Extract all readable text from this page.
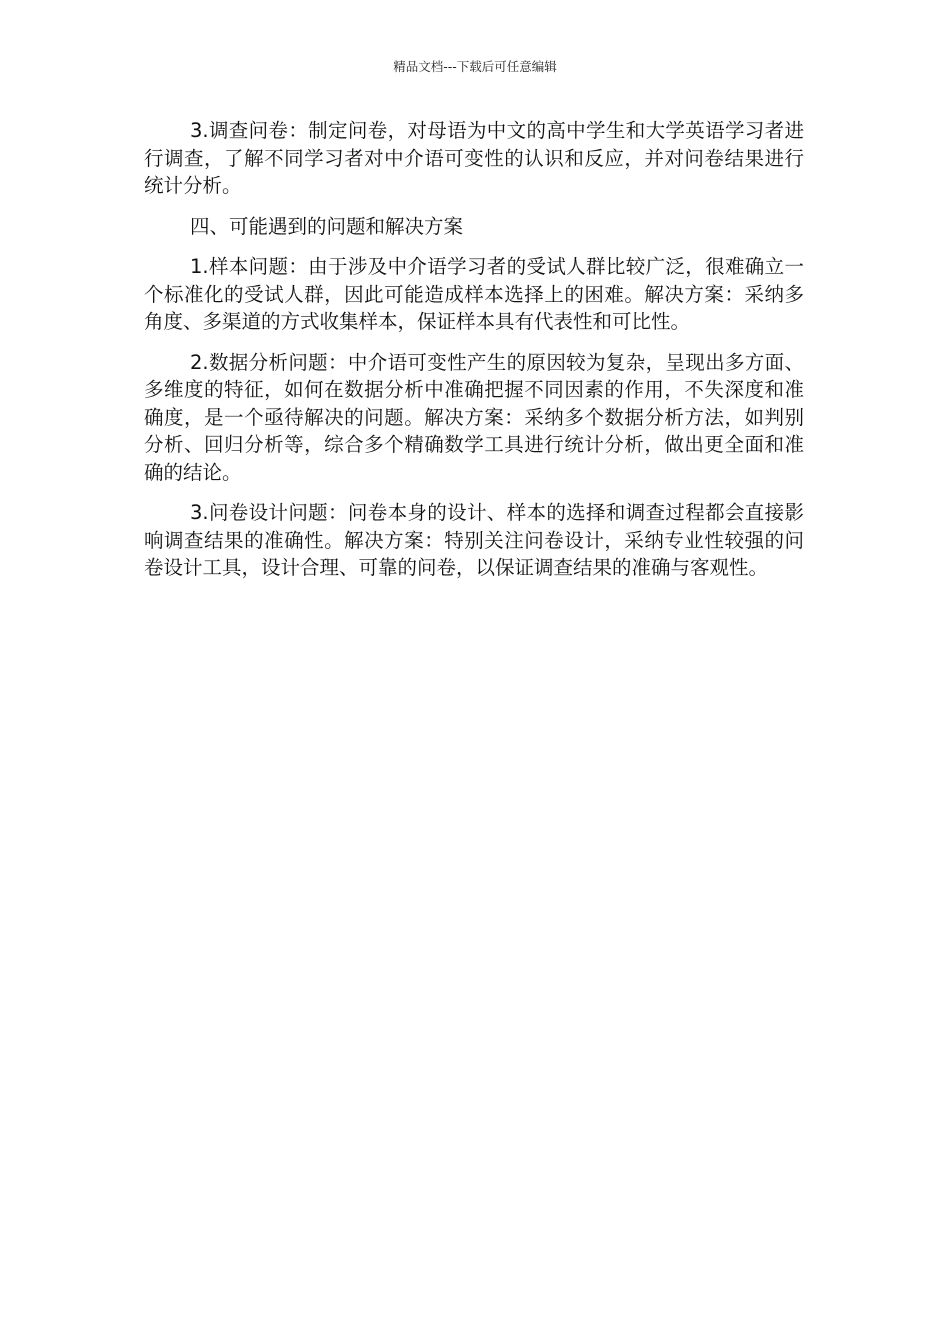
精品文档---下载后可任意编辑

3.调查问卷：制定问卷，对母语为中文的高中学生和大学英语学习者进行调查，了解不同学习者对中介语可变性的认识和反应，并对问卷结果进行统计分析。

四、可能遇到的问题和解决方案

1.样本问题：由于涉及中介语学习者的受试人群比较广泛，很难确立一个标准化的受试人群，因此可能造成样本选择上的困难。解决方案：采纳多角度、多渠道的方式收集样本，保证样本具有代表性和可比性。

2.数据分析问题：中介语可变性产生的原因较为复杂，呈现出多方面、多维度的特征，如何在数据分析中准确把握不同因素的作用，不失深度和准确度，是一个亟待解决的问题。解决方案：采纳多个数据分析方法，如判别分析、回归分析等，综合多个精确数学工具进行统计分析，做出更全面和准确的结论。

3.问卷设计问题：问卷本身的设计、样本的选择和调查过程都会直接影响调查结果的准确性。解决方案：特别关注问卷设计，采纳专业性较强的问卷设计工具，设计合理、可靠的问卷，以保证调查结果的准确与客观性。
